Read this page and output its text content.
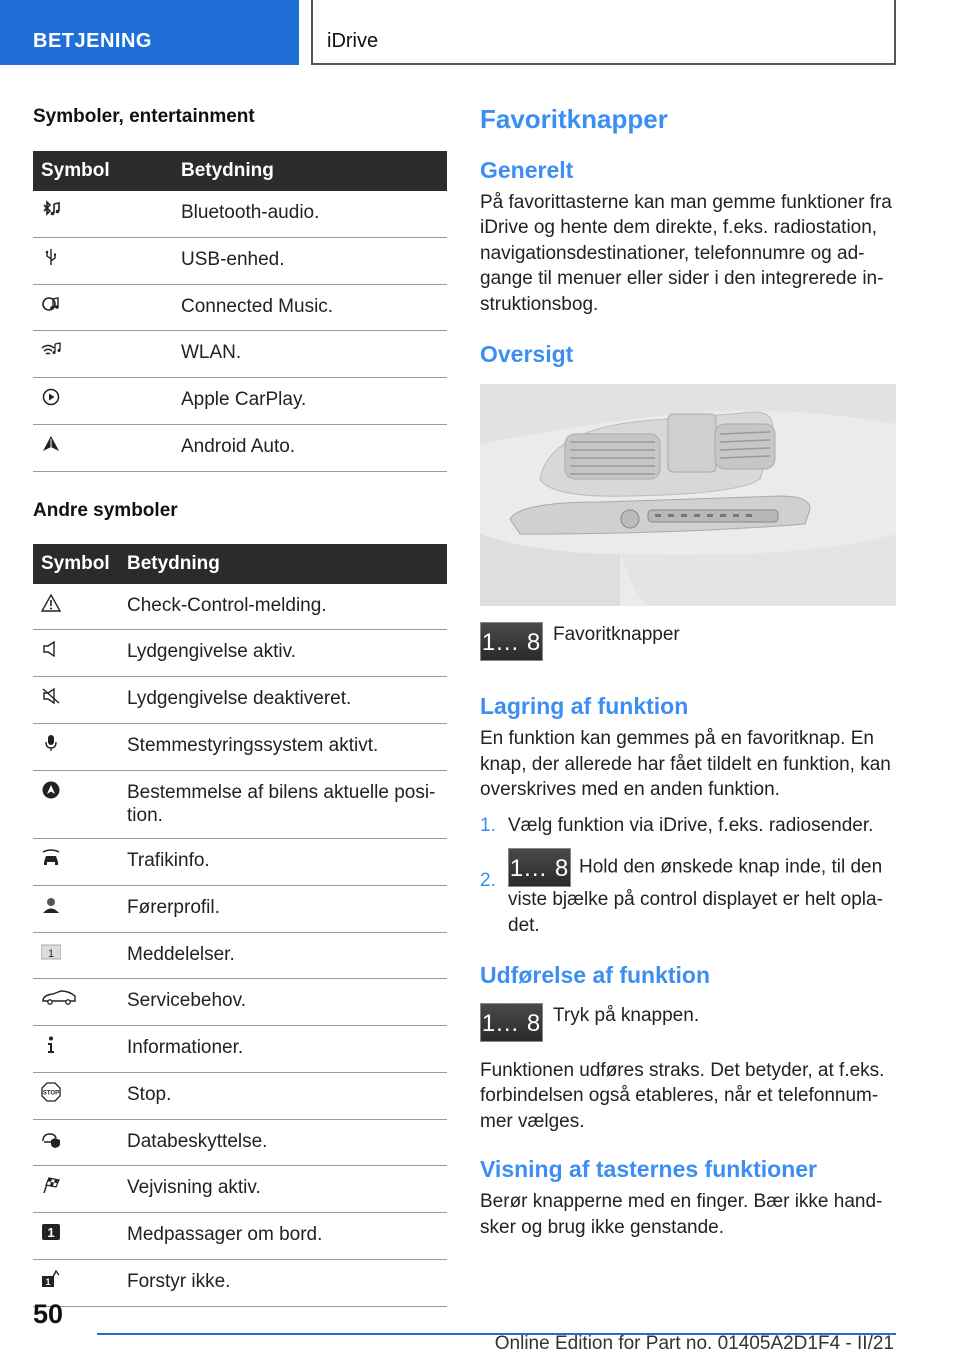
BETJENING	iDrive
Symboler, entertainment
Symbol	Betydning

	Bluetooth-audio.

	USB-enhed.

	Connected Music.

	WLAN.

	Apple CarPlay.

	Android Auto.
Andre symboler
Symbol	Betydning

	Check-Control-melding.

	Lydgengivelse aktiv.

	Lydgengivelse deaktiveret.

	Stemmestyringssystem aktivt.

	Bestemmelse af bilens aktuelle posi‐tion.

	Trafikinfo.

	Førerprofil.

1	Meddelelser.

	Servicebehov.

	Informationer.

STOP	Stop.

	Databeskyttelse.

	Vejvisning aktiv.

1	Medpassager om bord.

1	Forstyr ikke.
Favoritknapper
Generelt
På favorittasterne kan man gemme funktioner fra iDrive og hente dem direkte, f.eks. radiostation, navigationsdestinationer, telefonnumre og ad‐gange til menuer eller sider i den integrerede in‐struktionsbog.
Oversigt
1... 8 Favoritknapper
Lagring af funktion
En funktion kan gemmes på en favoritknap. En knap, der allerede har fået tildelt en funktion, kan overskrives med en anden funktion.
1. Vælg funktion via iDrive, f.eks. radiosender.
2. 1... 8 Hold den ønskede knap inde, til den viste bjælke på control displayet er helt opla‐det.
Udførelse af funktion
1... 8 Tryk på knappen.
Funktionen udføres straks. Det betyder, at f.eks. forbindelsen også etableres, når et telefonnum‐mer vælges.
Visning af tasternes funktioner
Berør knapperne med en finger. Bær ikke hand‐sker og brug ikke genstande.
50
Online Edition for Part no. 01405A2D1F4 - II/21
